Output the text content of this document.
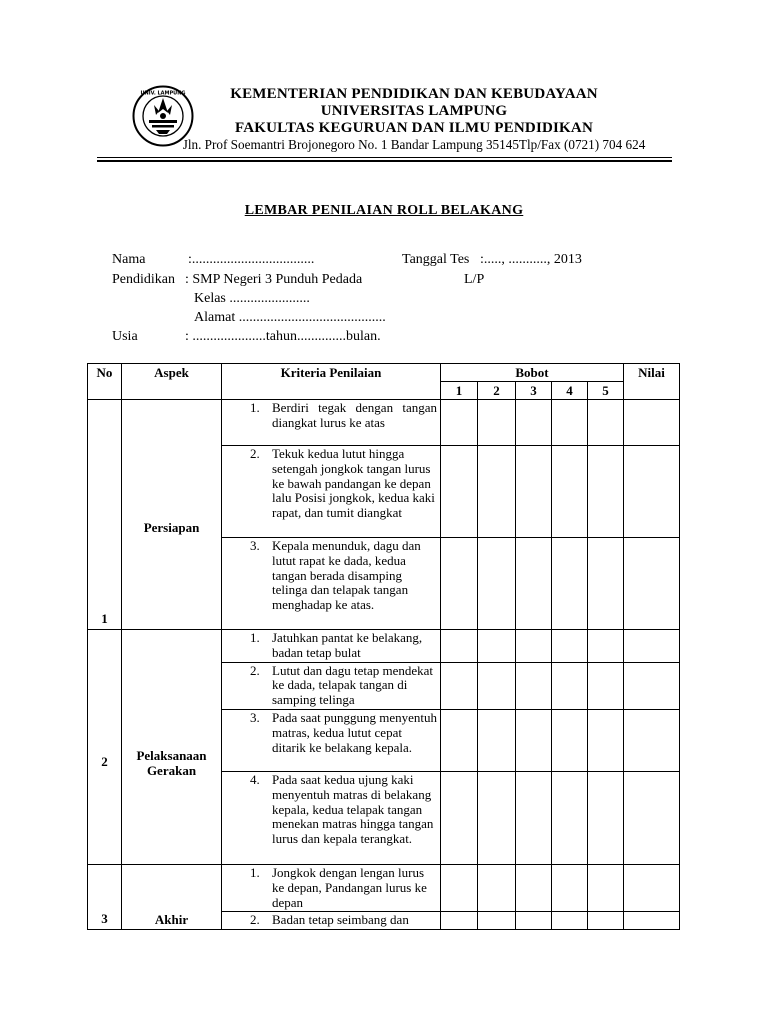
UNIV. LAMPUNG	KEMENTERIAN PENDIDIKAN DAN KEBUDAYAAN
UNIVERSITAS LAMPUNG
FAKULTAS KEGURUAN DAN ILMU PENDIDIKAN
Jln. Prof Soemantri Brojonegoro No. 1 Bandar Lampung 35145Tlp/Fax (0721) 704 624
LEMBAR PENILAIAN ROLL BELAKANG
Nama	:...................................	Tanggal Tes :....., ..........., 2013
Pendidikan : SMP Negeri 3 Punduh Pedada	L/P
Kelas .......................
Alamat ..........................................
Usia	: .....................tahun..............bulan.
No	Aspek	Kriteria Penilaian	Bobot					Nilai
			1	2	3	4	5	
1	Persiapan	1. Berdiri tegak dengan tangan diangkat lurus ke atas						

		2. Tekuk kedua lutut hingga setengah jongkok tangan lurus ke bawah pandangan ke depan lalu Posisi jongkok, kedua kaki rapat, dan tumit diangkat						

		3. Kepala menunduk, dagu dan lutut rapat ke dada, kedua tangan berada disamping telinga dan telapak tangan menghadap ke atas.						
2	Pelaksanaan Gerakan	1. Jatuhkan pantat ke belakang, badan tetap bulat						

		2. Lutut dan dagu tetap mendekat ke dada, telapak tangan di samping telinga						

		3. Pada saat punggung menyentuh matras, kedua lutut cepat ditarik ke belakang kepala.						

		4. Pada saat kedua ujung kaki menyentuh matras di belakang kepala, kedua telapak tangan menekan matras hingga tangan lurus dan kepala terangkat.						
3	Akhir	1. Jongkok dengan lengan lurus ke depan, Pandangan lurus ke depan						

		2. Badan tetap seimbang dan						
